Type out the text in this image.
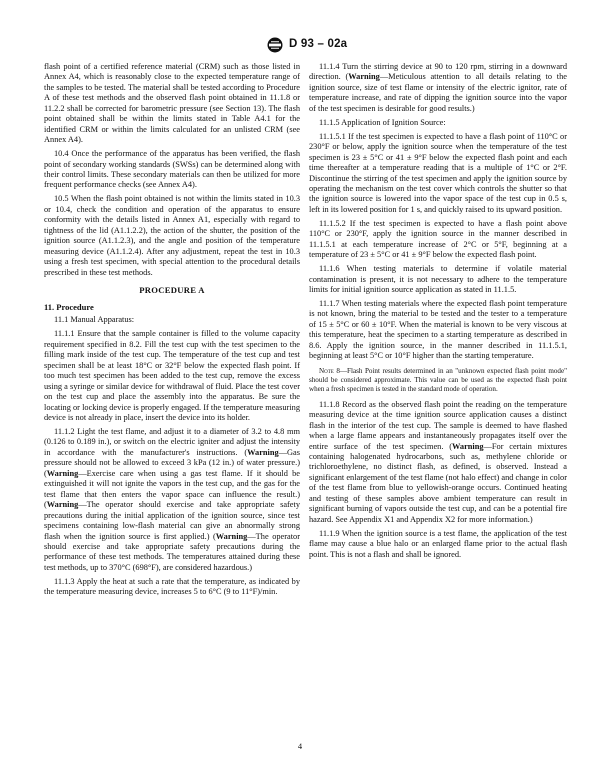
D 93 – 02a

flash point of a certified reference material (CRM) such as those listed in Annex A4, which is reasonably close to the expected temperature range of the samples to be tested. The material shall be tested according to Procedure A of these test methods and the observed flash point obtained in 11.1.8 or 11.2.2 shall be corrected for barometric pressure (see Section 13). The flash point obtained shall be within the limits stated in Table A4.1 for the identified CRM or within the limits calculated for an unlisted CRM (see Annex A4).

10.4 Once the performance of the apparatus has been verified, the flash point of secondary working standards (SWSs) can be determined along with their control limits. These secondary materials can then be utilized for more frequent performance checks (see Annex A4).

10.5 When the flash point obtained is not within the limits stated in 10.3 or 10.4, check the condition and operation of the apparatus to ensure conformity with the details listed in Annex A1, especially with regard to tightness of the lid (A1.1.2.2), the action of the shutter, the position of the ignition source (A1.1.2.3), and the angle and position of the temperature measuring device (A1.1.2.4). After any adjustment, repeat the test in 10.3 using a fresh test specimen, with special attention to the procedural details prescribed in these test methods.

PROCEDURE A
11. Procedure

11.1 Manual Apparatus:

11.1.1 Ensure that the sample container is filled to the volume capacity requirement specified in 8.2. Fill the test cup with the test specimen to the filling mark inside of the test cup. The temperature of the test cup and test specimen shall be at least 18°C or 32°F below the expected flash point. If too much test specimen has been added to the test cup, remove the excess using a syringe or similar device for withdrawal of fluid. Place the test cover on the test cup and place the assembly into the apparatus. Be sure the locating or locking device is properly engaged. If the temperature measuring device is not already in place, insert the device into its holder.

11.1.2 Light the test flame, and adjust it to a diameter of 3.2 to 4.8 mm (0.126 to 0.189 in.), or switch on the electric igniter and adjust the intensity in accordance with the manufacturer's instructions. (Warning—Gas pressure should not be allowed to exceed 3 kPa (12 in.) of water pressure.) (Warning—Exercise care when using a gas test flame. If it should be extinguished it will not ignite the vapors in the test cup, and the gas for the test flame that then enters the vapor space can influence the result.) (Warning—The operator should exercise and take appropriate safety precautions during the initial application of the ignition source, since test specimens containing low-flash material can give an abnormally strong flash when the ignition source is first applied.) (Warning—The operator should exercise and take appropriate safety precautions during the performance of these test methods. The temperatures attained during these test methods, up to 370°C (698°F), are considered hazardous.)

11.1.3 Apply the heat at such a rate that the temperature, as indicated by the temperature measuring device, increases 5 to 6°C (9 to 11°F)/min.

11.1.4 Turn the stirring device at 90 to 120 rpm, stirring in a downward direction. (Warning—Meticulous attention to all details relating to the ignition source, size of test flame or intensity of the electric ignitor, rate of temperature increase, and rate of dipping the ignition source into the vapor of the test specimen is desirable for good results.)

11.1.5 Application of Ignition Source:

11.1.5.1 If the test specimen is expected to have a flash point of 110°C or 230°F or below, apply the ignition source when the temperature of the test specimen is 23 ± 5°C or 41 ± 9°F below the expected flash point and each time thereafter at a temperature reading that is a multiple of 1°C or 2°F. Discontinue the stirring of the test specimen and apply the ignition source by operating the mechanism on the test cover which controls the shutter so that the ignition source is lowered into the vapor space of the test cup in 0.5 s, left in its lowered position for 1 s, and quickly raised to its upward position.

11.1.5.2 If the test specimen is expected to have a flash point above 110°C or 230°F, apply the ignition source in the manner described in 11.1.5.1 at each temperature increase of 2°C or 5°F, beginning at a temperature of 23 ± 5°C or 41 ± 9°F below the expected flash point.

11.1.6 When testing materials to determine if volatile material contamination is present, it is not necessary to adhere to the temperature limits for initial ignition source application as stated in 11.1.5.

11.1.7 When testing materials where the expected flash point temperature is not known, bring the material to be tested and the tester to a temperature of 15 ± 5°C or 60 ± 10°F. When the material is known to be very viscous at this temperature, heat the specimen to a starting temperature as described in 8.6. Apply the ignition source, in the manner described in 11.1.5.1, beginning at least 5°C or 10°F higher than the starting temperature.

Note 8—Flash Point results determined in an "unknown expected flash point mode" should be considered approximate. This value can be used as the expected flash point when a fresh specimen is tested in the standard mode of operation.

11.1.8 Record as the observed flash point the reading on the temperature measuring device at the time ignition source application causes a distinct flash in the interior of the test cup. The sample is deemed to have flashed when a large flame appears and instantaneously propagates itself over the entire surface of the test specimen. (Warning—For certain mixtures containing halogenated hydrocarbons, such as, methylene chloride or trichloroethylene, no distinct flash, as defined, is observed. Instead a significant enlargement of the test flame (not halo effect) and change in color of the test flame from blue to yellowish-orange occurs. Continued heating and testing of these samples above ambient temperature can result in significant burning of vapors outside the test cup, and can be a potential fire hazard. See Appendix X1 and Appendix X2 for more information.)

11.1.9 When the ignition source is a test flame, the application of the test flame may cause a blue halo or an enlarged flame prior to the actual flash point. This is not a flash and shall be ignored.

4
